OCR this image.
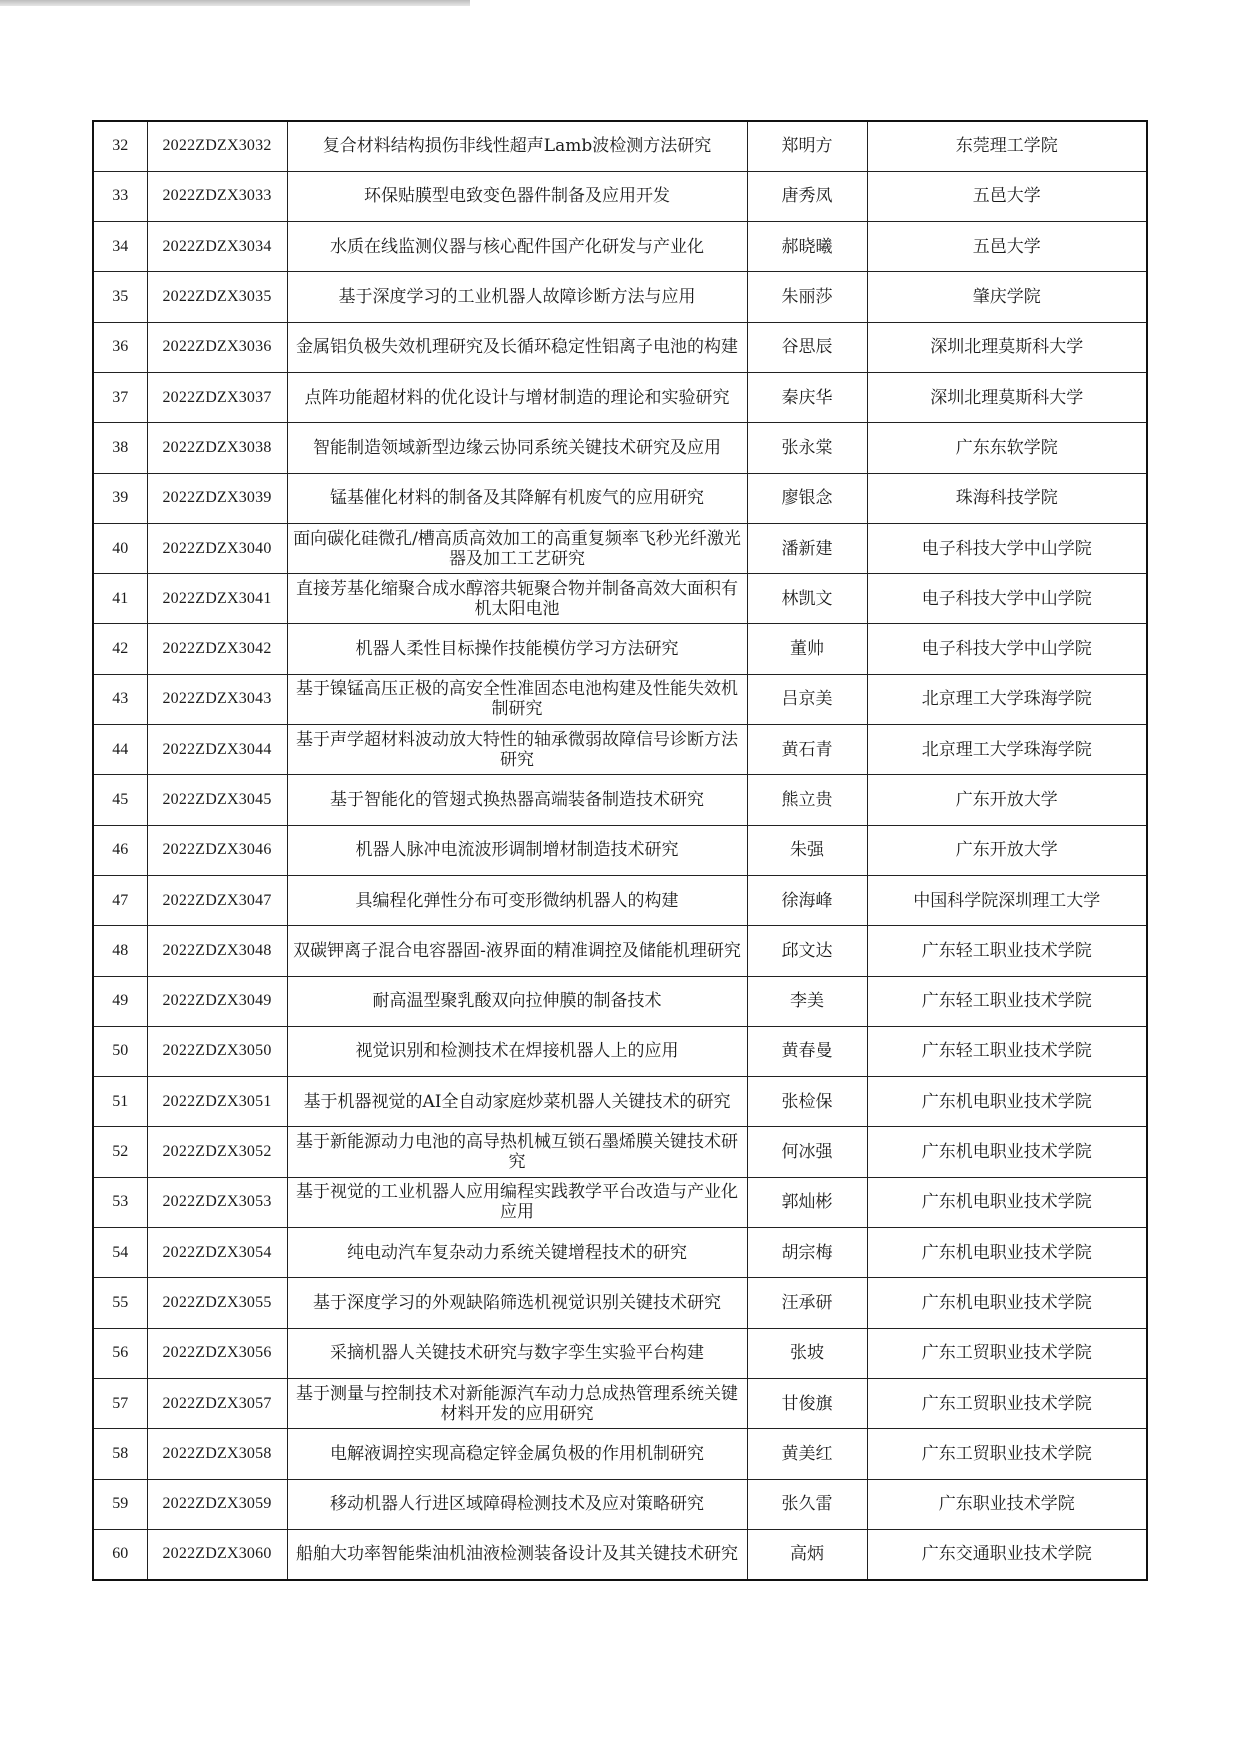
32	2022ZDZX3032	复合材料结构损伤非线性超声Lamb波检测方法研究	郑明方	东莞理工学院
33	2022ZDZX3033	环保贴膜型电致变色器件制备及应用开发	唐秀凤	五邑大学
34	2022ZDZX3034	水质在线监测仪器与核心配件国产化研发与产业化	郝晓曦	五邑大学
35	2022ZDZX3035	基于深度学习的工业机器人故障诊断方法与应用	朱丽莎	肇庆学院
36	2022ZDZX3036	金属铝负极失效机理研究及长循环稳定性铝离子电池的构建	谷思辰	深圳北理莫斯科大学
37	2022ZDZX3037	点阵功能超材料的优化设计与增材制造的理论和实验研究	秦庆华	深圳北理莫斯科大学
38	2022ZDZX3038	智能制造领域新型边缘云协同系统关键技术研究及应用	张永棠	广东东软学院
39	2022ZDZX3039	锰基催化材料的制备及其降解有机废气的应用研究	廖银念	珠海科技学院
40	2022ZDZX3040	面向碳化硅微孔/槽高质高效加工的高重复频率飞秒光纤激光器及加工工艺研究	潘新建	电子科技大学中山学院
41	2022ZDZX3041	直接芳基化缩聚合成水醇溶共轭聚合物并制备高效大面积有机太阳电池	林凯文	电子科技大学中山学院
42	2022ZDZX3042	机器人柔性目标操作技能模仿学习方法研究	董帅	电子科技大学中山学院
43	2022ZDZX3043	基于镍锰高压正极的高安全性准固态电池构建及性能失效机制研究	吕京美	北京理工大学珠海学院
44	2022ZDZX3044	基于声学超材料波动放大特性的轴承微弱故障信号诊断方法研究	黄石青	北京理工大学珠海学院
45	2022ZDZX3045	基于智能化的管翅式换热器高端装备制造技术研究	熊立贵	广东开放大学
46	2022ZDZX3046	机器人脉冲电流波形调制增材制造技术研究	朱强	广东开放大学
47	2022ZDZX3047	具编程化弹性分布可变形微纳机器人的构建	徐海峰	中国科学院深圳理工大学
48	2022ZDZX3048	双碳钾离子混合电容器固-液界面的精准调控及储能机理研究	邱文达	广东轻工职业技术学院
49	2022ZDZX3049	耐高温型聚乳酸双向拉伸膜的制备技术	李美	广东轻工职业技术学院
50	2022ZDZX3050	视觉识别和检测技术在焊接机器人上的应用	黄春曼	广东轻工职业技术学院
51	2022ZDZX3051	基于机器视觉的AI全自动家庭炒菜机器人关键技术的研究	张检保	广东机电职业技术学院
52	2022ZDZX3052	基于新能源动力电池的高导热机械互锁石墨烯膜关键技术研究	何冰强	广东机电职业技术学院
53	2022ZDZX3053	基于视觉的工业机器人应用编程实践教学平台改造与产业化应用	郭灿彬	广东机电职业技术学院
54	2022ZDZX3054	纯电动汽车复杂动力系统关键增程技术的研究	胡宗梅	广东机电职业技术学院
55	2022ZDZX3055	基于深度学习的外观缺陷筛选机视觉识别关键技术研究	汪承研	广东机电职业技术学院
56	2022ZDZX3056	采摘机器人关键技术研究与数字孪生实验平台构建	张坡	广东工贸职业技术学院
57	2022ZDZX3057	基于测量与控制技术对新能源汽车动力总成热管理系统关键材料开发的应用研究	甘俊旗	广东工贸职业技术学院
58	2022ZDZX3058	电解液调控实现高稳定锌金属负极的作用机制研究	黄美红	广东工贸职业技术学院
59	2022ZDZX3059	移动机器人行进区域障碍检测技术及应对策略研究	张久雷	广东职业技术学院
60	2022ZDZX3060	船舶大功率智能柴油机油液检测装备设计及其关键技术研究	高炳	广东交通职业技术学院
